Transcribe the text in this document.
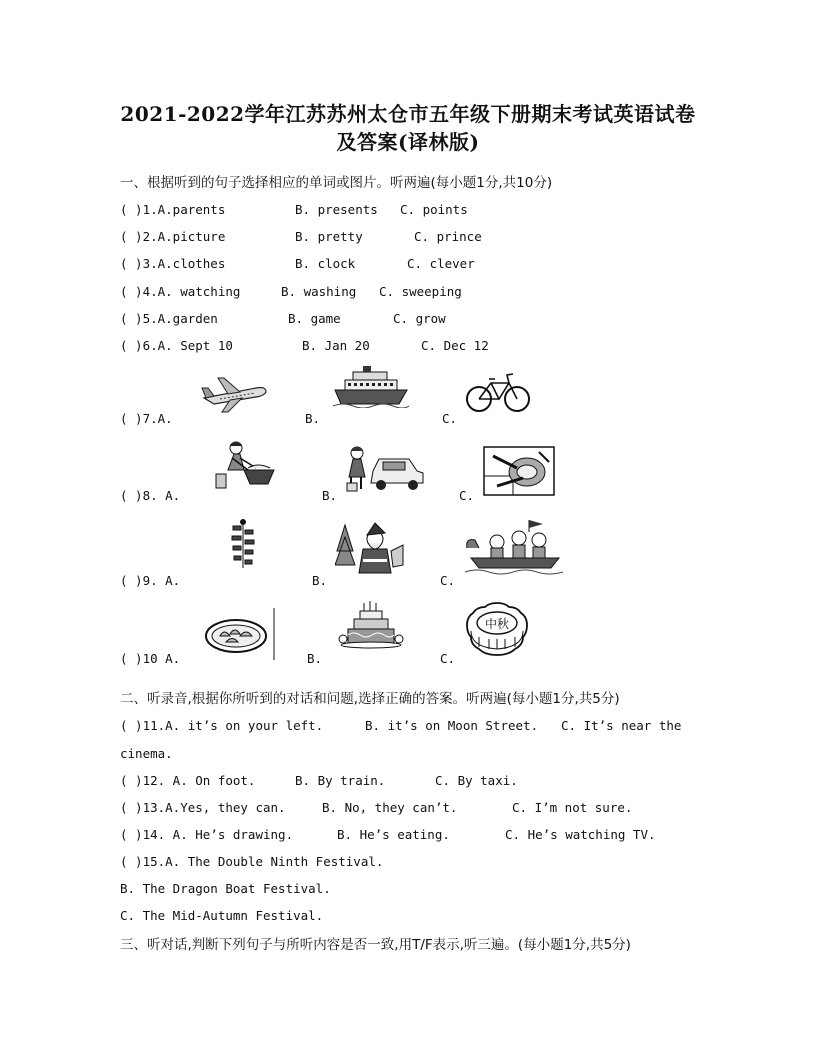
2021-2022学年江苏苏州太仓市五年级下册期末考试英语试卷
及答案(译林版)
一、根据听到的句子选择相应的单词或图片。听两遍(每小题1分,共10分)
( )1.A.parents	B. presents C. points
( )2.A.picture	B. pretty	C. prince
( )3.A.clothes	B. clock	C. clever
( )4.A. watching	B. washing C. sweeping
( )5.A.garden	B. game	C. grow
( )6.A. Sept 10	B. Jan 20	C. Dec 12
( )7.A.	B.	C.
( )8. A.	B.	C.
( )9. A.	B.	C.
中秋
( )10 A.	B.	C.
二、听录音,根据你所听到的对话和问题,选择正确的答案。听两遍(每小题1分,共5分)
( )11.A. it’s on your left.	B. it’s on Moon Street. C. It’s near the
cinema.
( )12. A. On foot.	B. By train.	C. By taxi.
( )13.A.Yes, they can.	B. No, they can’t.	C. I’m not sure.
( )14. A. He’s drawing.	B. He’s eating.	C. He’s watching TV.
( )15.A. The Double Ninth Festival.
B. The Dragon Boat Festival.
C. The Mid-Autumn Festival.
三、听对话,判断下列句子与所听内容是否一致,用T/F表示,听三遍。(每小题1分,共5分)
